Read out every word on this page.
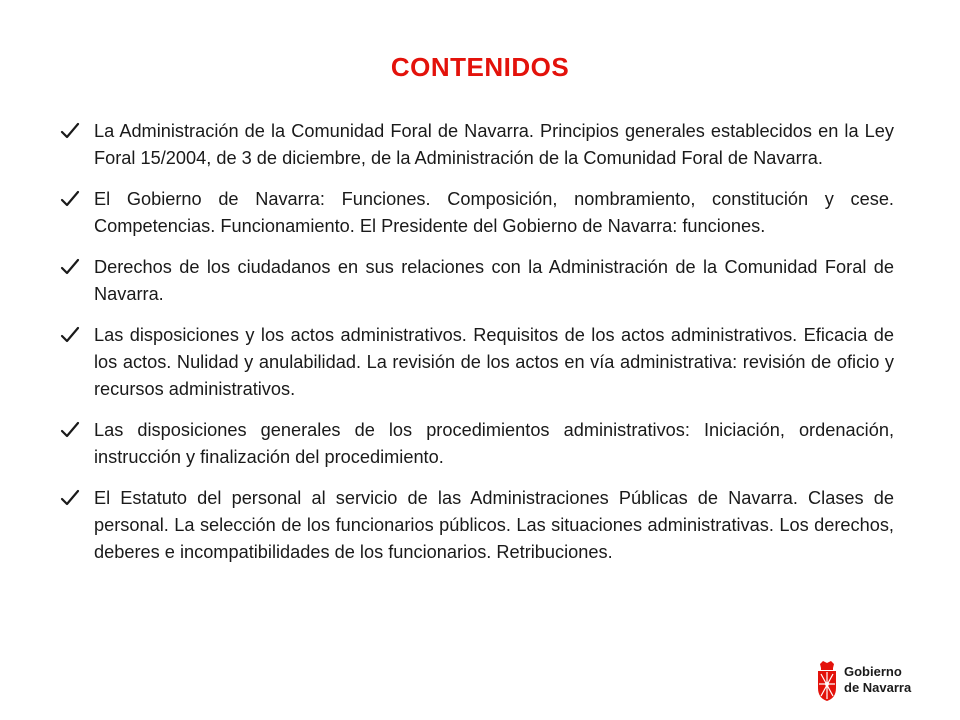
CONTENIDOS
La Administración de la Comunidad Foral de Navarra. Principios generales establecidos en la Ley Foral 15/2004, de 3 de diciembre, de la Administración de la Comunidad Foral de Navarra.
El Gobierno de Navarra: Funciones. Composición, nombramiento, constitución y cese. Competencias. Funcionamiento. El Presidente del Gobierno de Navarra: funciones.
Derechos de los ciudadanos en sus relaciones con la Administración de la Comunidad Foral de Navarra.
Las disposiciones y los actos administrativos. Requisitos de los actos administrativos. Eficacia de los actos. Nulidad y anulabilidad. La revisión de los actos en vía administrativa: revisión de oficio y recursos administrativos.
Las disposiciones generales de los procedimientos administrativos: Iniciación, ordenación, instrucción y finalización del procedimiento.
El Estatuto del personal al servicio de las Administraciones Públicas de Navarra. Clases de personal. La selección de los funcionarios públicos. Las situaciones administrativas. Los derechos, deberes e incompatibilidades de los funcionarios. Retribuciones.
Gobierno
de Navarra
